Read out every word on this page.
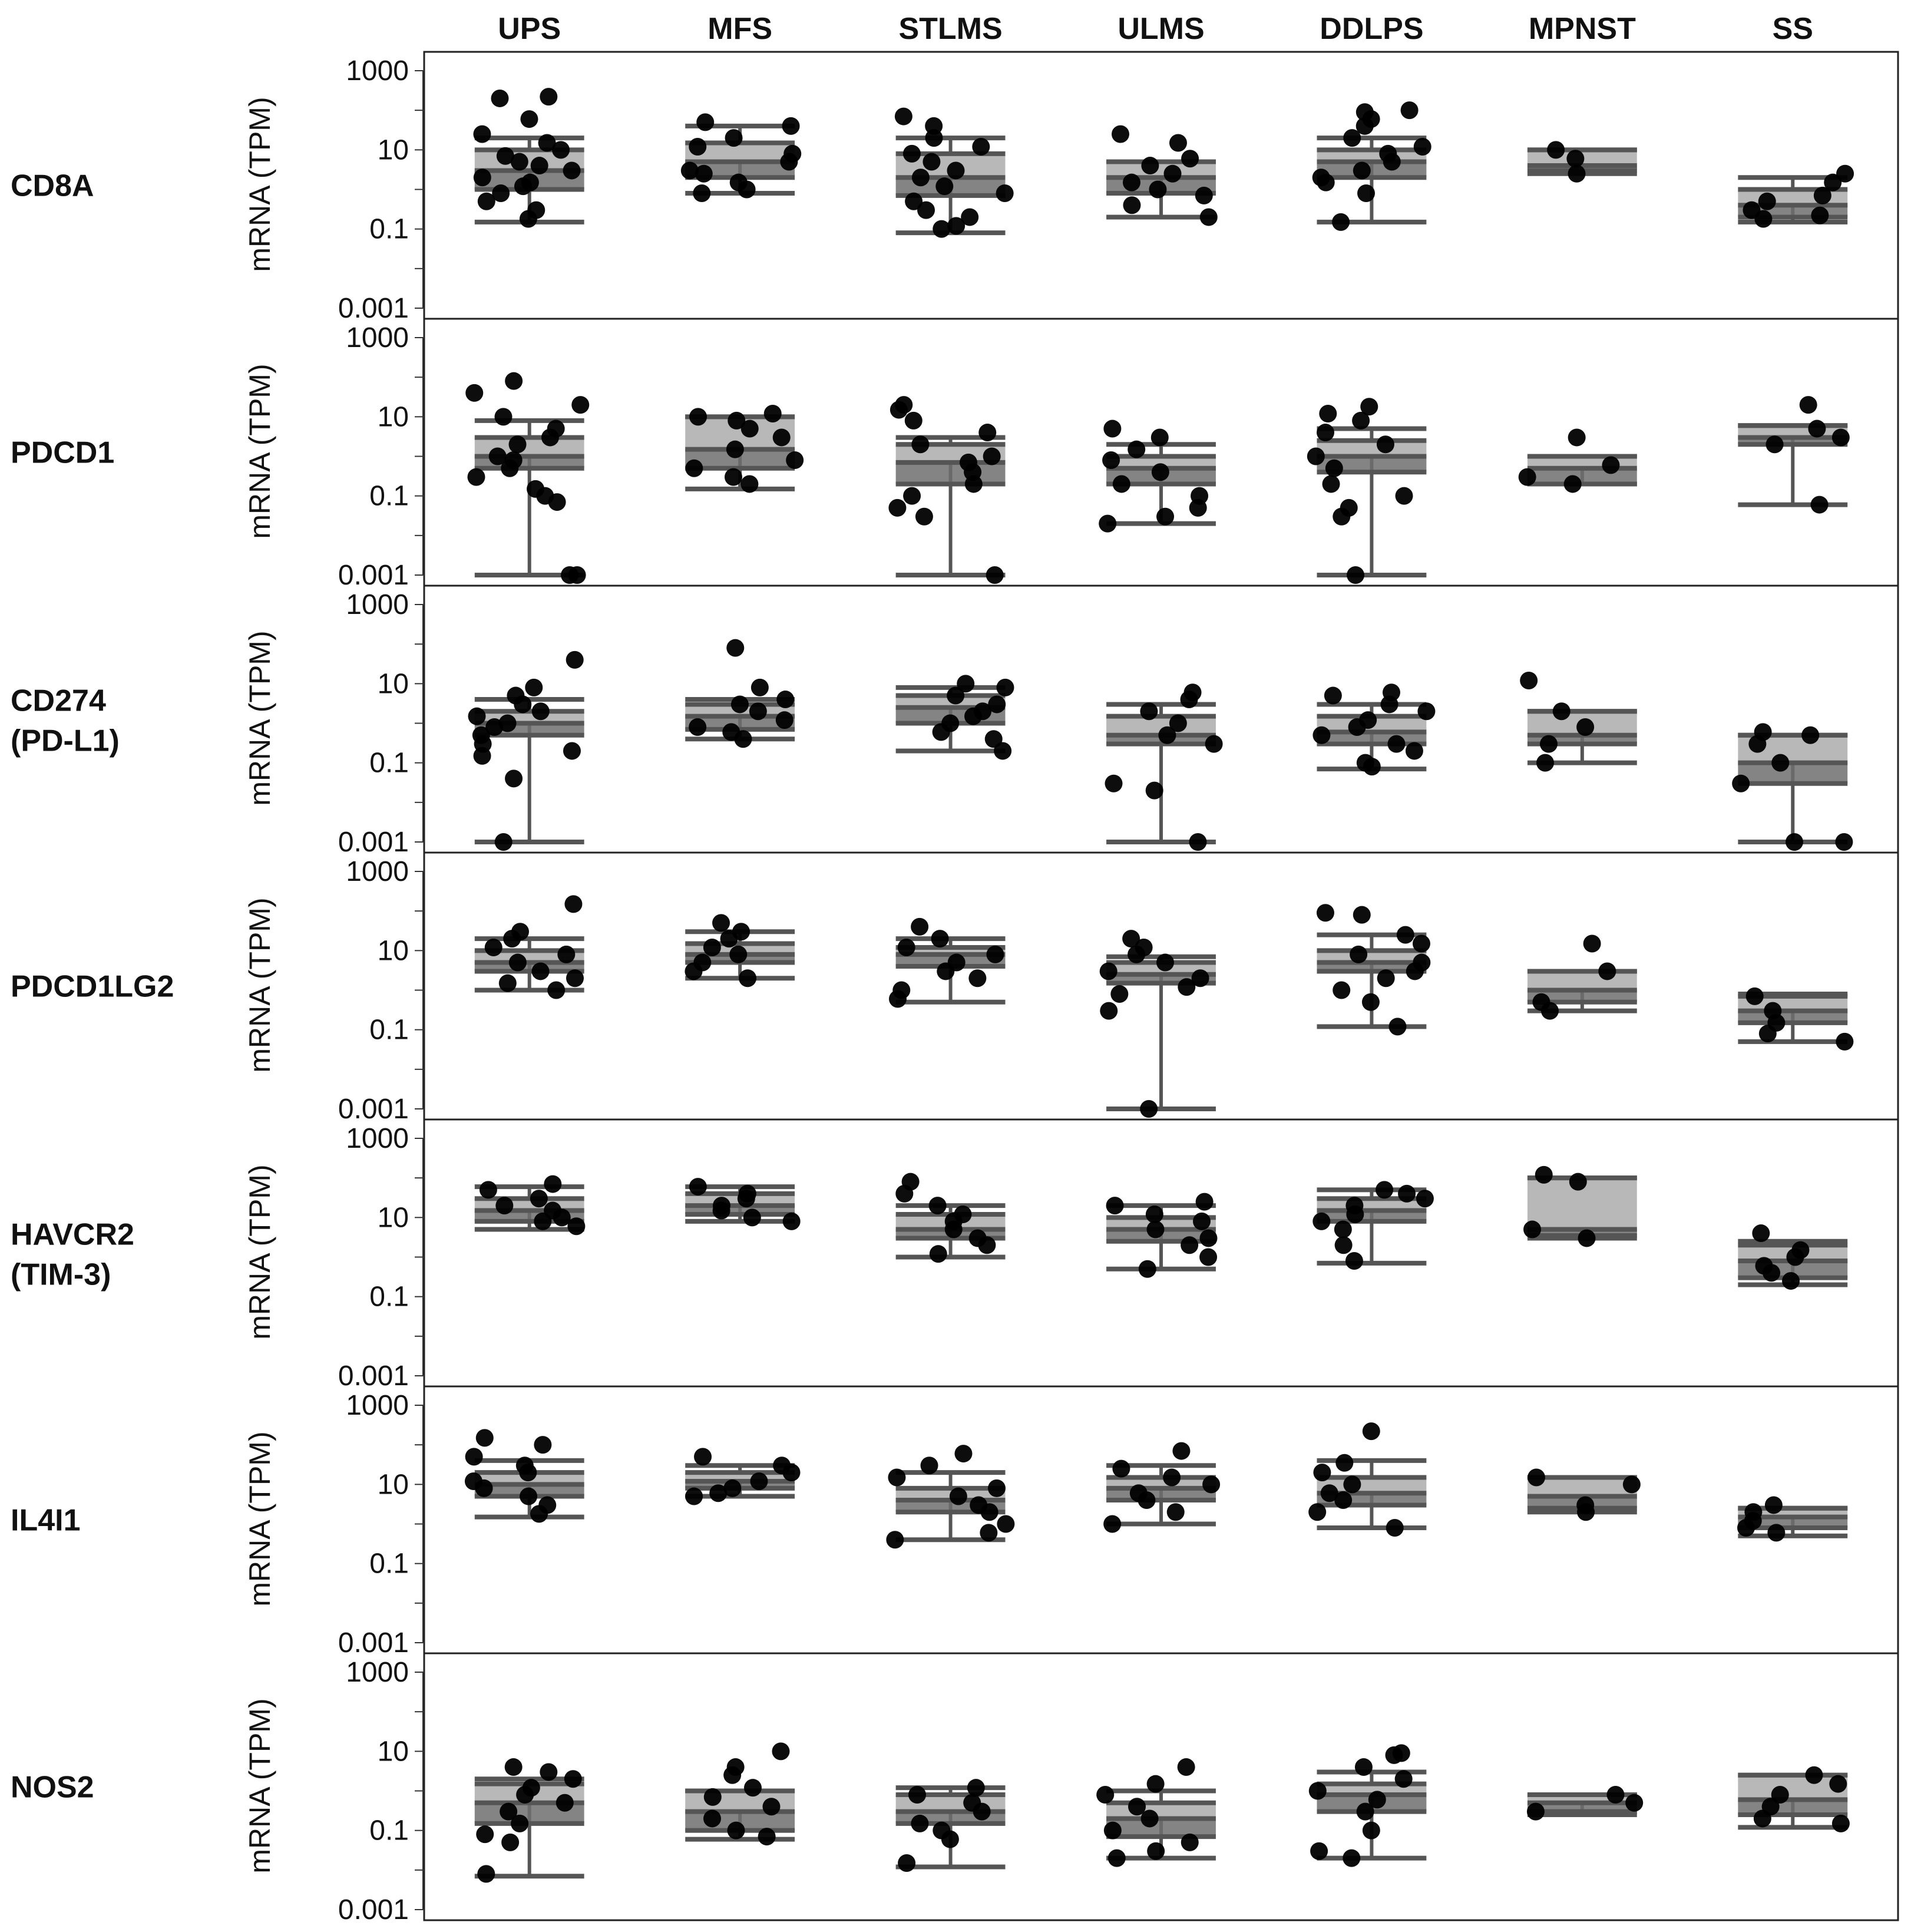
UPS	MFS	STLMS	ULMS	DDLPS	MPNST	SS
CD8A	mRNA (TPM)
1000
10
0.1
0.001
PDCD1	mRNA (TPM)
1000
10
0.1
0.001
CD274
(PD-L1)	mRNA (TPM)
1000
10
0.1
0.001
PDCD1LG2 mRNA (TPM)
1000
10
0.1
0.001
HAVCR2
(TIM-3)	mRNA (TPM)
1000
10
0.1
0.001
IL4I1	mRNA (TPM)
1000
10
0.1
0.001
NOS2	mRNA (TPM)
1000
10
0.1
0.001
